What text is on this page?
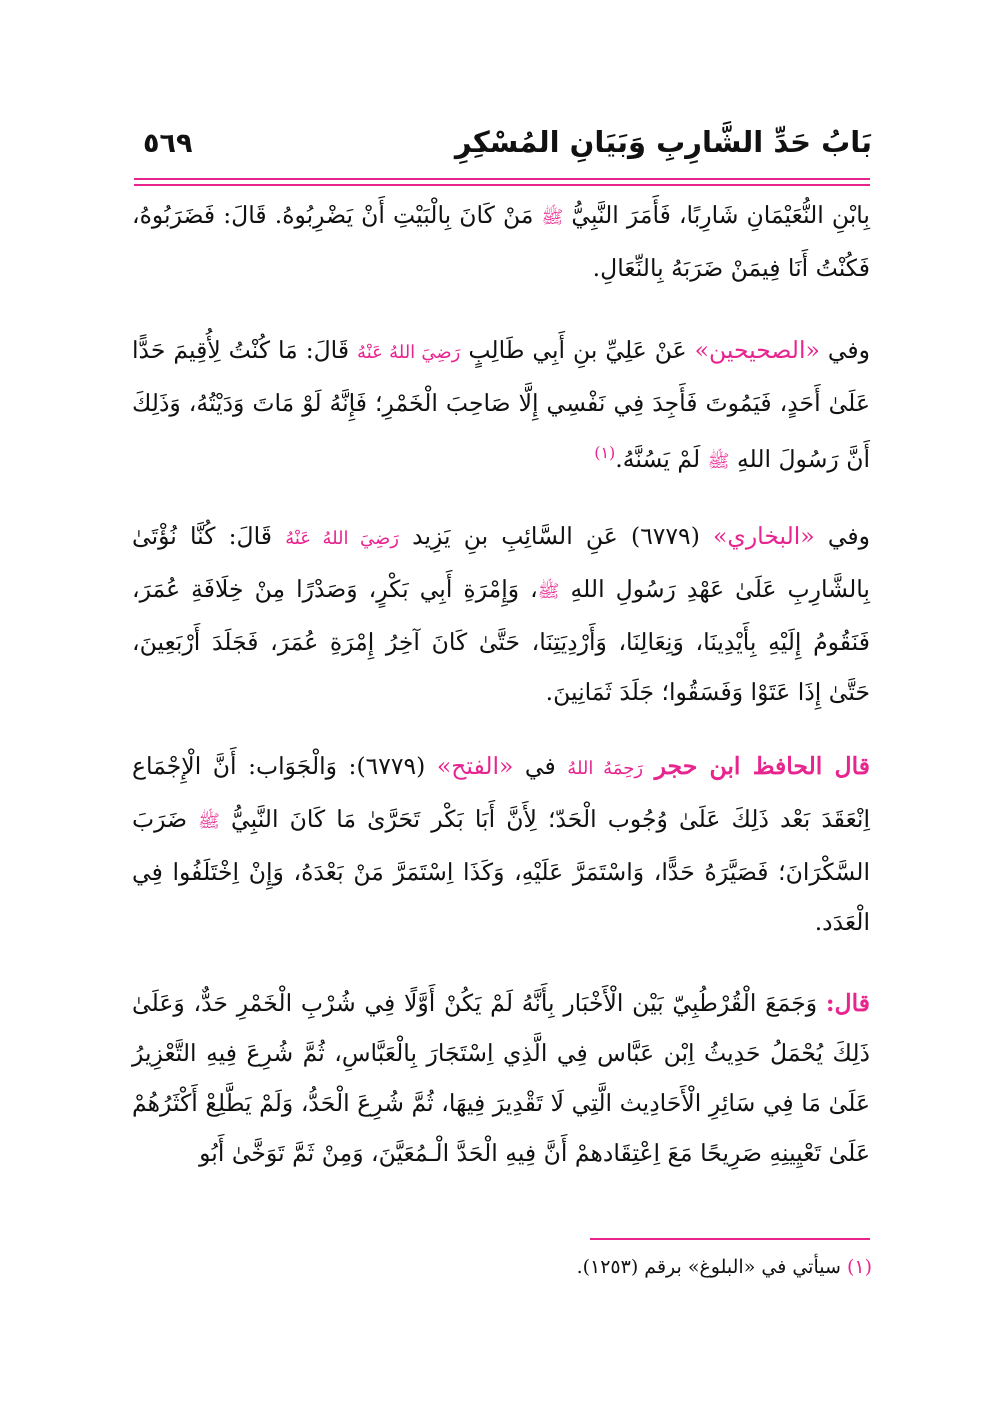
بَابُ حَدِّ الشَّارِبِ وَبَيَانِ المُسْكِرِ
٥٦٩
بِابْنِ النُّعَيْمَانِ شَارِبًا، فَأَمَرَ النَّبِيُّ ﷺ مَنْ كَانَ بِالْبَيْتِ أَنْ يَضْرِبُوهُ. قَالَ: فَضَرَبُوهُ، فَكُنْتُ أَنَا فِيمَنْ ضَرَبَهُ بِالنِّعَالِ.
وفي «الصحيحين» عَنْ عَلِيِّ بنِ أَبِي طَالِبٍ رَضِيَ اللهُ عَنْهُ قَالَ: مَا كُنْتُ لِأُقِيمَ حَدًّا عَلَىٰ أَحَدٍ، فَيَمُوتَ فَأَجِدَ فِي نَفْسِي إِلَّا صَاحِبَ الْخَمْرِ؛ فَإِنَّهُ لَوْ مَاتَ وَدَيْتُهُ، وَذَلِكَ أَنَّ رَسُولَ اللهِ ﷺ لَمْ يَسُنَّهُ.$^{(١)}$
وفي «البخاري» (٦٧٧٩) عَنِ السَّائِبِ بنِ يَزِيد رَضِيَ اللهُ عَنْهُ قَالَ: كُنَّا نُؤْتَىٰ بِالشَّارِبِ عَلَىٰ عَهْدِ رَسُولِ اللهِ ﷺ، وَإِمْرَةِ أَبِي بَكْرٍ، وَصَدْرًا مِنْ خِلَافَةِ عُمَرَ، فَنَقُومُ إِلَيْهِ بِأَيْدِينَا، وَنِعَالِنَا، وَأَرْدِيَتِنَا، حَتَّىٰ كَانَ آخِرُ إِمْرَةِ عُمَرَ، فَجَلَدَ أَرْبَعِينَ، حَتَّىٰ إِذَا عَتَوْا وَفَسَقُوا؛ جَلَدَ ثَمَانِينَ.
قال الحافظ ابن حجر رَحِمَهُ اللهُ في «الفتح» (٦٧٧٩): وَالْجَوَاب: أَنَّ الْإِجْمَاع اِنْعَقَدَ بَعْد ذَلِكَ عَلَىٰ وُجُوب الْحَدّ؛ لِأَنَّ أَبَا بَكْر تَحَرَّىٰ مَا كَانَ النَّبِيُّ ﷺ ضَرَبَ السَّكْرَانَ؛ فَصَيَّرَهُ حَدًّا، وَاسْتَمَرَّ عَلَيْهِ، وَكَذَا اِسْتَمَرَّ مَنْ بَعْدَهُ، وَإِنْ اِخْتَلَفُوا فِي الْعَدَد.
قال: وَجَمَعَ الْقُرْطُبِيّ بَيْن الْأَخْبَار بِأَنَّهُ لَمْ يَكُنْ أَوَّلًا فِي شُرْبِ الْخَمْرِ حَدٌّ، وَعَلَىٰ ذَلِكَ يُحْمَلُ حَدِيثُ اِبْن عَبَّاس فِي الَّذِي اِسْتَجَارَ بِالْعَبَّاسِ، ثُمَّ شُرِعَ فِيهِ التَّعْزِيرُ عَلَىٰ مَا فِي سَائِرِ الْأَحَادِيث الَّتِي لَا تَقْدِيرَ فِيهَا، ثُمَّ شُرِعَ الْحَدُّ، وَلَمْ يَطَّلِعْ أَكْثَرُهُمْ عَلَىٰ تَعْيِينِهِ صَرِيحًا مَعَ اِعْتِقَادهمْ أَنَّ فِيهِ الْحَدَّ الْـمُعَيَّنَ، وَمِنْ ثَمَّ تَوَخَّىٰ أَبُو
(١) سيأتي في «البلوغ» برقم (١٢٥٣).
